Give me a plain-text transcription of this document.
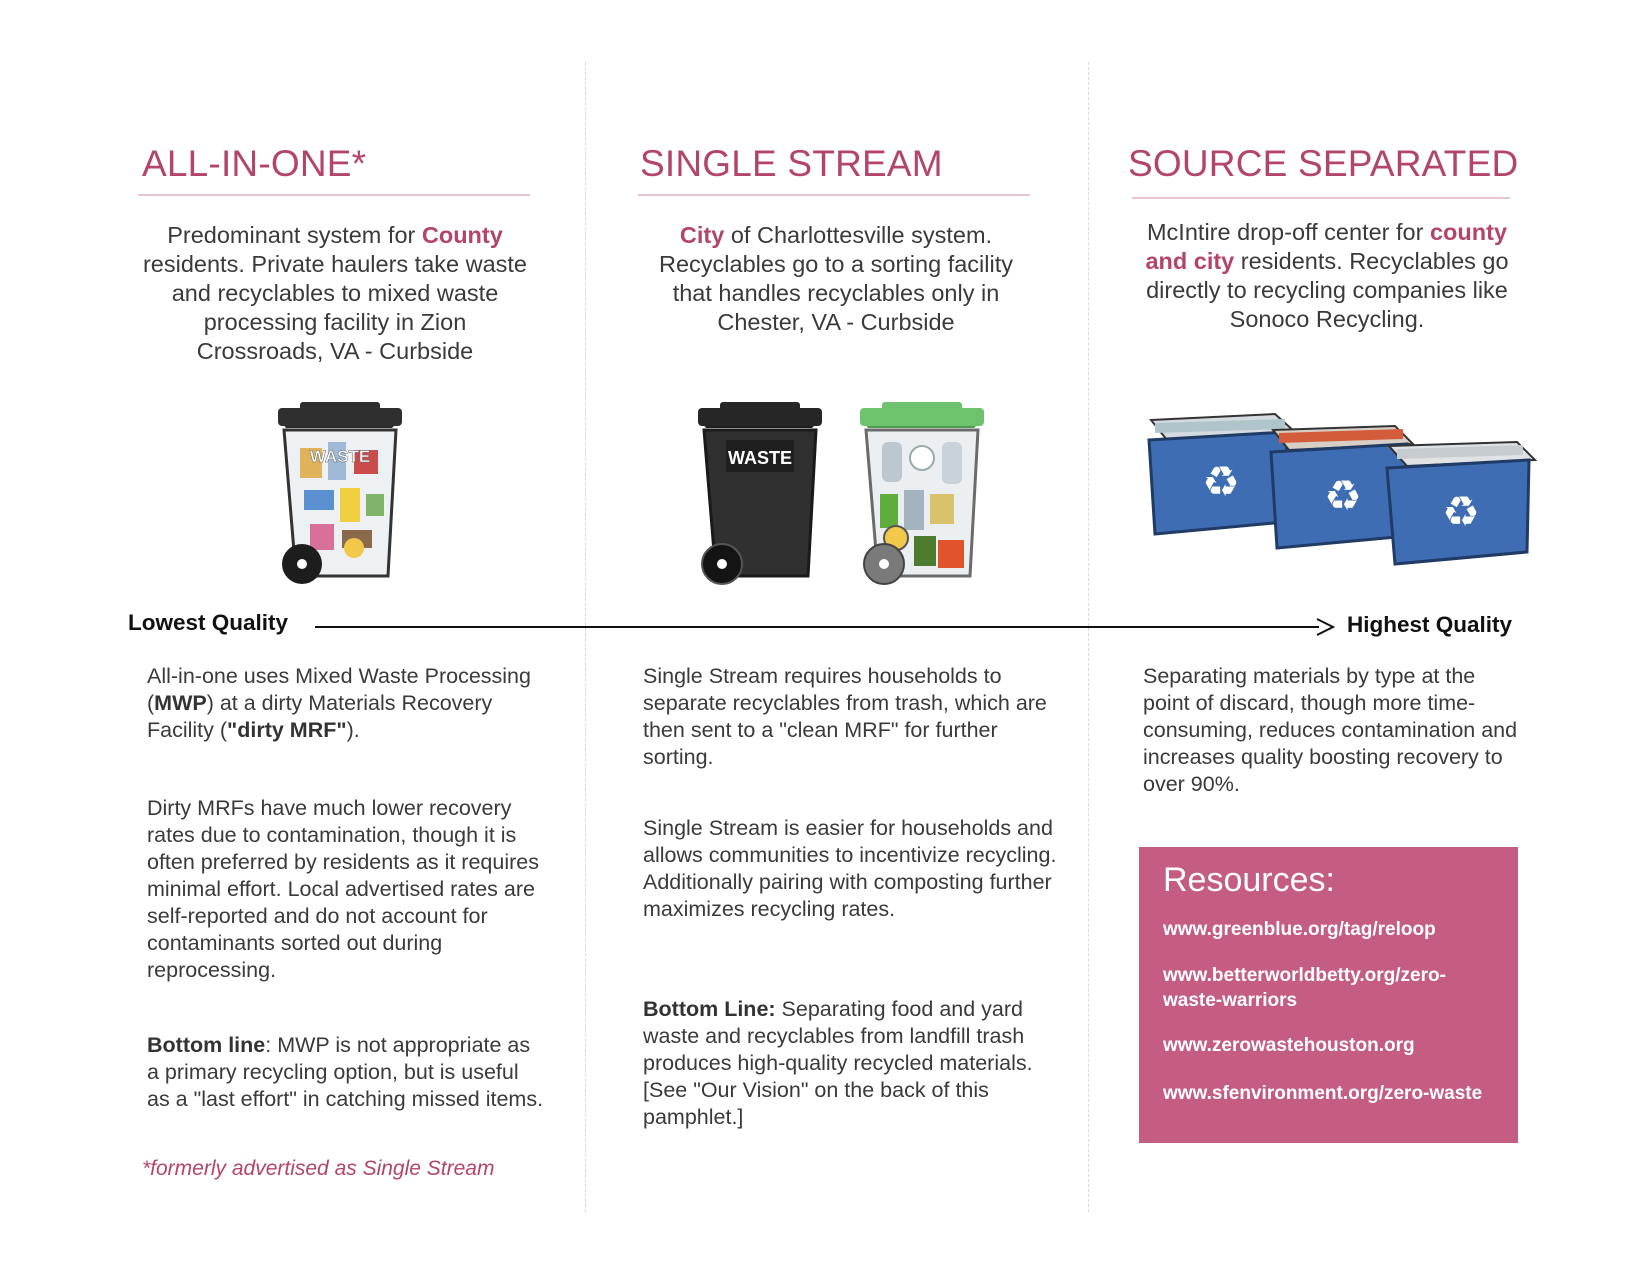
ALL-IN-ONE*
Predominant system for County residents. Private haulers take waste and recyclables to mixed waste processing facility in Zion Crossroads, VA - Curbside
WASTE

All-in-one uses Mixed Waste Processing (MWP) at a dirty Materials Recovery Facility ("dirty MRF").

Dirty MRFs have much lower recovery rates due to contamination, though it is often preferred by residents as it requires minimal effort. Local advertised rates are self-reported and do not account for contaminants sorted out during reprocessing.

Bottom line: MWP is not appropriate as a primary recycling option, but is useful as a "last effort" in catching missed items.

*formerly advertised as Single Stream
SINGLE STREAM
City of Charlottesville system. Recyclables go to a sorting facility that handles recyclables only in Chester, VA - Curbside
WASTE

Single Stream requires households to separate recyclables from trash, which are then sent to a "clean MRF" for further sorting.

Single Stream is easier for households and allows communities to incentivize recycling. Additionally pairing with composting further maximizes recycling rates.

Bottom Line: Separating food and yard waste and recyclables from landfill trash produces high-quality recycled materials. [See "Our Vision" on the back of this pamphlet.]

SOURCE SEPARATED
McIntire drop-off center for county and city residents. Recyclables go directly to recycling companies like Sonoco Recycling.
♻ ♻ ♻

Separating materials by type at the point of discard, though more time-consuming, reduces contamination and increases quality boosting recovery to over 90%.

Resources:
www.greenblue.org/tag/reloop
www.betterworldbetty.org/zero-waste-warriors
www.zerowastehouston.org
www.sfenvironment.org/zero-waste
Lowest Quality	Highest Quality
